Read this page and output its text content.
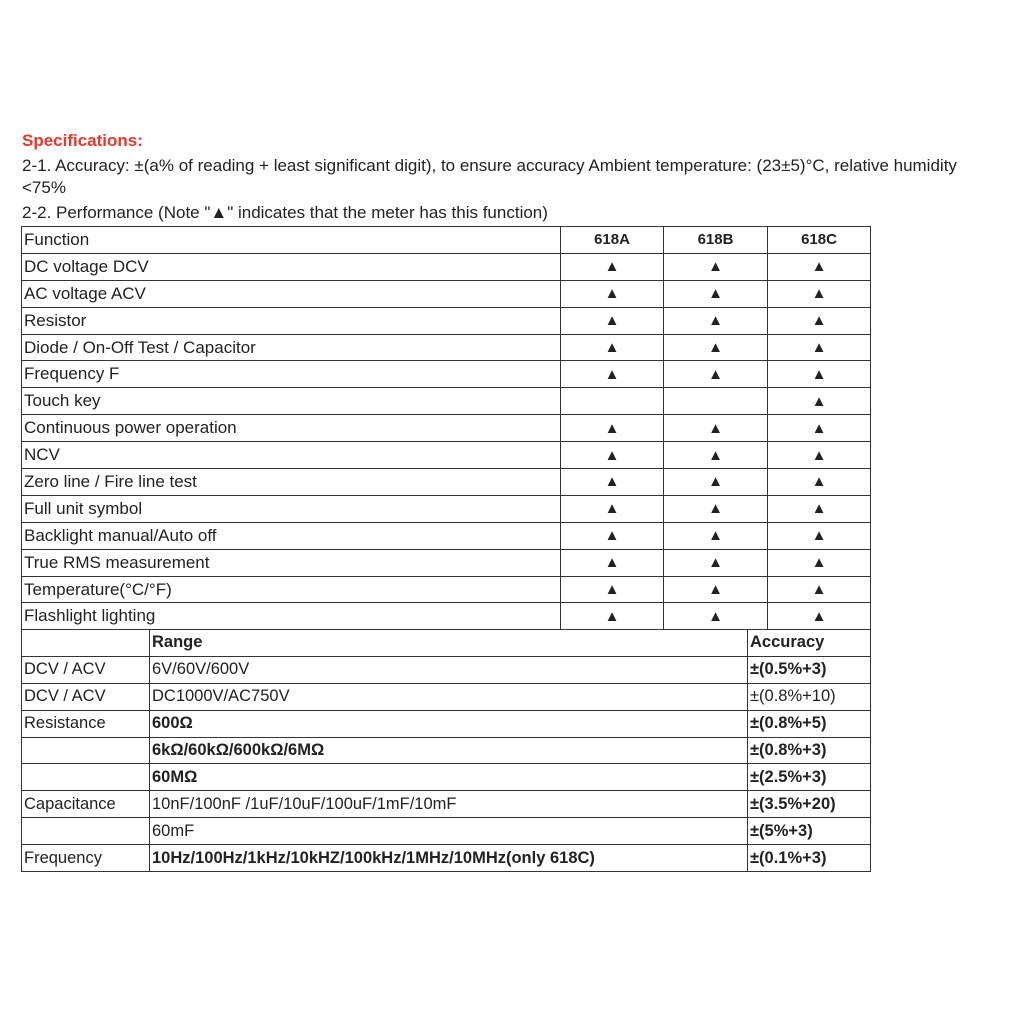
Specifications:
2-1. Accuracy: ±(a% of reading + least significant digit), to ensure accuracy Ambient temperature: (23±5)°C, relative humidity <75%
2-2. Performance (Note "▲" indicates that the meter has this function)
Function	618A	618B	618C
DC voltage DCV	▲	▲	▲
AC voltage ACV	▲	▲	▲
Resistor	▲	▲	▲
Diode / On-Off Test / Capacitor	▲	▲	▲
Frequency F	▲	▲	▲
Touch key			▲
Continuous power operation	▲	▲	▲
NCV	▲	▲	▲
Zero line / Fire line test	▲	▲	▲
Full unit symbol	▲	▲	▲
Backlight manual/Auto off	▲	▲	▲
True RMS measurement	▲	▲	▲
Temperature(°C/°F)	▲	▲	▲
Flashlight lighting	▲	▲	▲
	Range	Accuracy
DCV / ACV	6V/60V/600V	±(0.5%+3)
DCV / ACV	DC1000V/AC750V	±(0.8%+10)
Resistance	600Ω	±(0.8%+5)
	6kΩ/60kΩ/600kΩ/6MΩ	±(0.8%+3)
	60MΩ	±(2.5%+3)
Capacitance	10nF/100nF /1uF/10uF/100uF/1mF/10mF	±(3.5%+20)
	60mF	±(5%+3)
Frequency	10Hz/100Hz/1kHz/10kHZ/100kHz/1MHz/10MHz(only 618C)	±(0.1%+3)
